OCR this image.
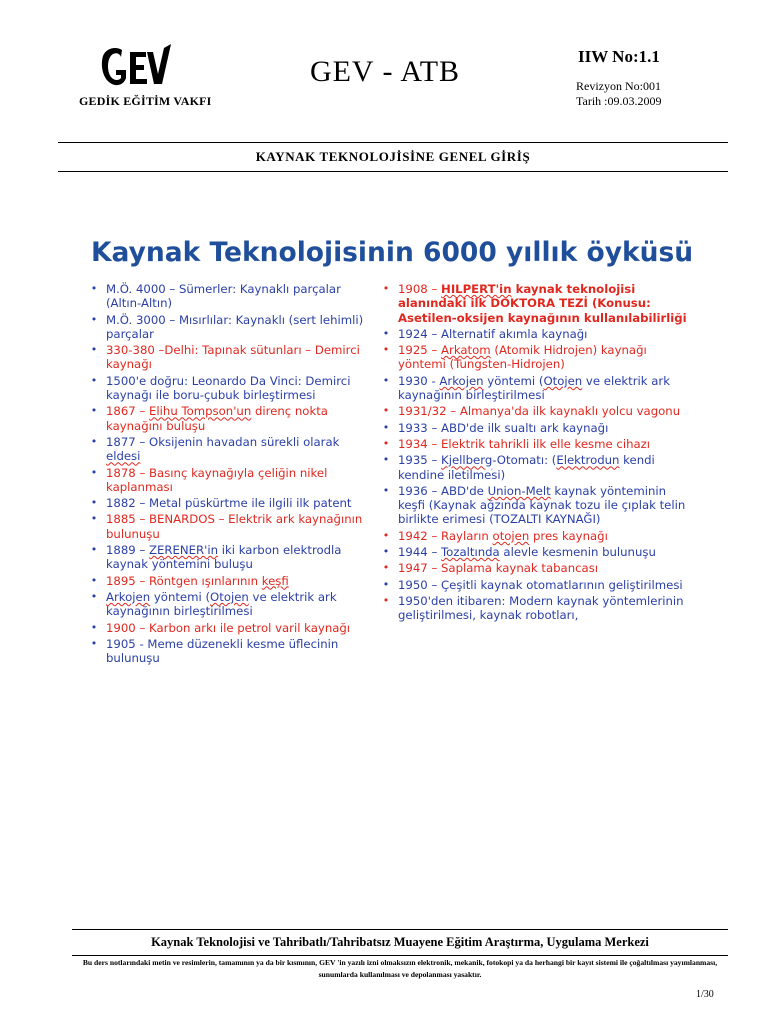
GEDİK EĞİTİM VAKFI
GEV - ATB	IIW No:1.1
Revizyon No:001
Tarih :09.03.2009
KAYNAK TEKNOLOJİSİNE GENEL GİRİŞ
Kaynak Teknolojisinin 6000 yıllık öyküsü
• M.Ö. 4000 – Sümerler: Kaynaklı parçalar (Altın-Altın)
• M.Ö. 3000 – Mısırlılar: Kaynaklı (sert lehimli) parçalar
• 330-380 –Delhi: Tapınak sütunları – Demirci kaynağı
• 1500'e doğru: Leonardo Da Vinci: Demirci kaynağı ile boru-çubuk birleştirmesi
• 1867 – Elihu Tompson'un direnç nokta kaynağını buluşu
• 1877 – Oksijenin havadan sürekli olarak eldesi
• 1878 – Basınç kaynağıyla çeliğin nikel kaplanması
• 1882 – Metal püskürtme ile ilgili ilk patent
• 1885 – BENARDOS – Elektrik ark kaynağının bulunuşu
• 1889 – ZERENER'in iki karbon elektrodla kaynak yöntemini buluşu
• 1895 – Röntgen ışınlarının keşfi
• Arkojen yöntemi (Otojen ve elektrik ark kaynağının birleştirilmesi
• 1900 – Karbon arkı ile petrol varil kaynağı
• 1905 - Meme düzenekli kesme üflecinin bulunuşu
• 1908 – HILPERT'in kaynak teknolojisi alanındaki ilk DOKTORA TEZİ (Konusu: Asetilen-oksijen kaynağının kullanılabilirliği
• 1924 – Alternatif akımla kaynağı
• 1925 – Arkatom (Atomik Hidrojen) kaynağı yöntemi (Tungsten-Hidrojen)
• 1930 - Arkojen yöntemi (Otojen ve elektrik ark kaynağının birleştirilmesi
• 1931/32 – Almanya'da ilk kaynaklı yolcu vagonu
• 1933 – ABD'de ilk sualtı ark kaynağı
• 1934 – Elektrik tahrikli ilk elle kesme cihazı
• 1935 – Kjellberg-Otomatı: (Elektrodun kendi kendine iletilmesi)
• 1936 – ABD'de Union-Melt kaynak yönteminin keşfi (Kaynak ağzında kaynak tozu ile çıplak telin birlikte erimesi (TOZALTI KAYNAĞI)
• 1942 – Rayların otojen pres kaynağı
• 1944 – Tozaltında alevle kesmenin bulunuşu
• 1947 – Saplama kaynak tabancası
• 1950 – Çeşitli kaynak otomatlarının geliştirilmesi
• 1950'den itibaren: Modern kaynak yöntemlerinin geliştirilmesi, kaynak robotları,
Kaynak Teknolojisi ve Tahribatlı/Tahribatsız Muayene Eğitim Araştırma, Uygulama Merkezi
Bu ders notlarındaki metin ve resimlerin, tamamının ya da bir kısmının, GEV 'in yazılı izni olmaksızın elektronik, mekanik, fotokopi ya da herhangi bir kayıt sistemi ile çoğaltılması yayımlanması, sunumlarda kullanılması ve depolanması yasaktır.
1/30
